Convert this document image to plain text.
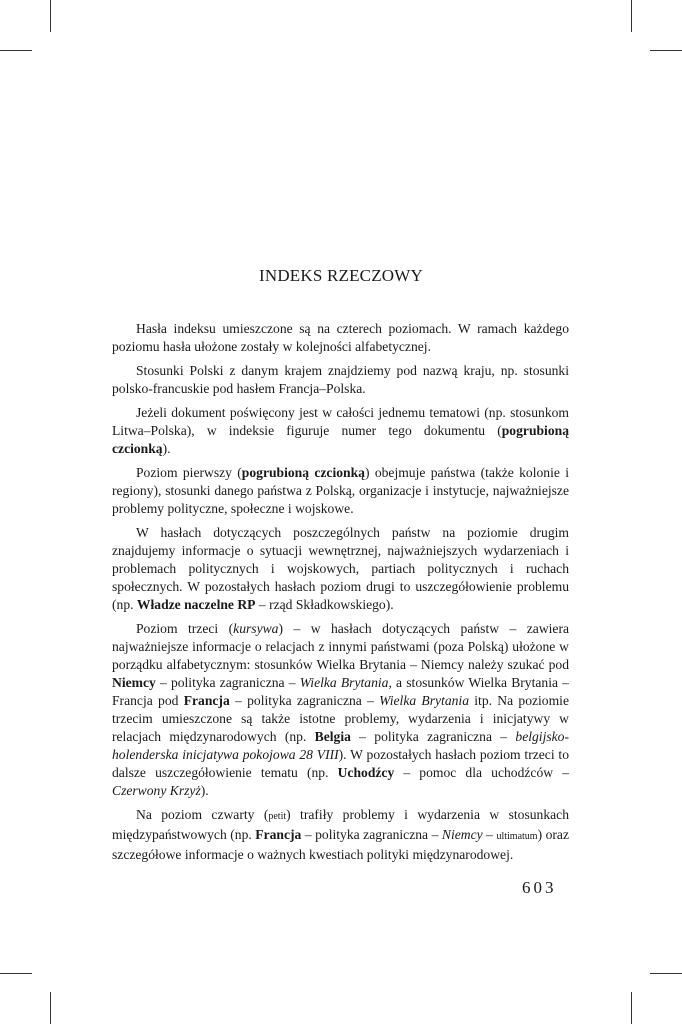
INDEKS RZECZOWY

Hasła indeksu umieszczone są na czterech poziomach. W ramach każdego poziomu hasła ułożone zostały w kolejności alfabetycznej.

Stosunki Polski z danym krajem znajdziemy pod nazwą kraju, np. stosunki polsko-francuskie pod hasłem Francja–Polska.

Jeżeli dokument poświęcony jest w całości jednemu tematowi (np. stosunkom Litwa–Polska), w indeksie figuruje numer tego dokumentu (pogrubioną czcionką).

Poziom pierwszy (pogrubioną czcionką) obejmuje państwa (także kolonie i regiony), stosunki danego państwa z Polską, organizacje i instytucje, najważniejsze problemy polityczne, społeczne i wojskowe.

W hasłach dotyczących poszczególnych państw na poziomie drugim znajdujemy informacje o sytuacji wewnętrznej, najważniejszych wydarzeniach i problemach politycznych i wojskowych, partiach politycznych i ruchach społecznych. W pozostałych hasłach poziom drugi to uszczegółowienie problemu (np. Władze naczelne RP – rząd Składkowskiego).

Poziom trzeci (kursywa) – w hasłach dotyczących państw – zawiera najważniejsze informacje o relacjach z innymi państwami (poza Polską) ułożone w porządku alfabetycznym: stosunków Wielka Brytania – Niemcy należy szukać pod Niemcy – polityka zagraniczna – Wielka Brytania, a stosunków Wielka Brytania – Francja pod Francja – polityka zagraniczna – Wielka Brytania itp. Na poziomie trzecim umieszczone są także istotne problemy, wydarzenia i inicjatywy w relacjach międzynarodowych (np. Belgia – polityka zagraniczna – belgijsko-holenderska inicjatywa pokojowa 28 VIII). W pozostałych hasłach poziom trzeci to dalsze uszczegółowienie tematu (np. Uchodźcy – pomoc dla uchodźców – Czerwony Krzyż).

Na poziom czwarty (petit) trafiły problemy i wydarzenia w stosunkach międzypaństwowych (np. Francja – polityka zagraniczna – Niemcy – ultimatum) oraz szczegółowe informacje o ważnych kwestiach polityki międzynarodowej.

603
